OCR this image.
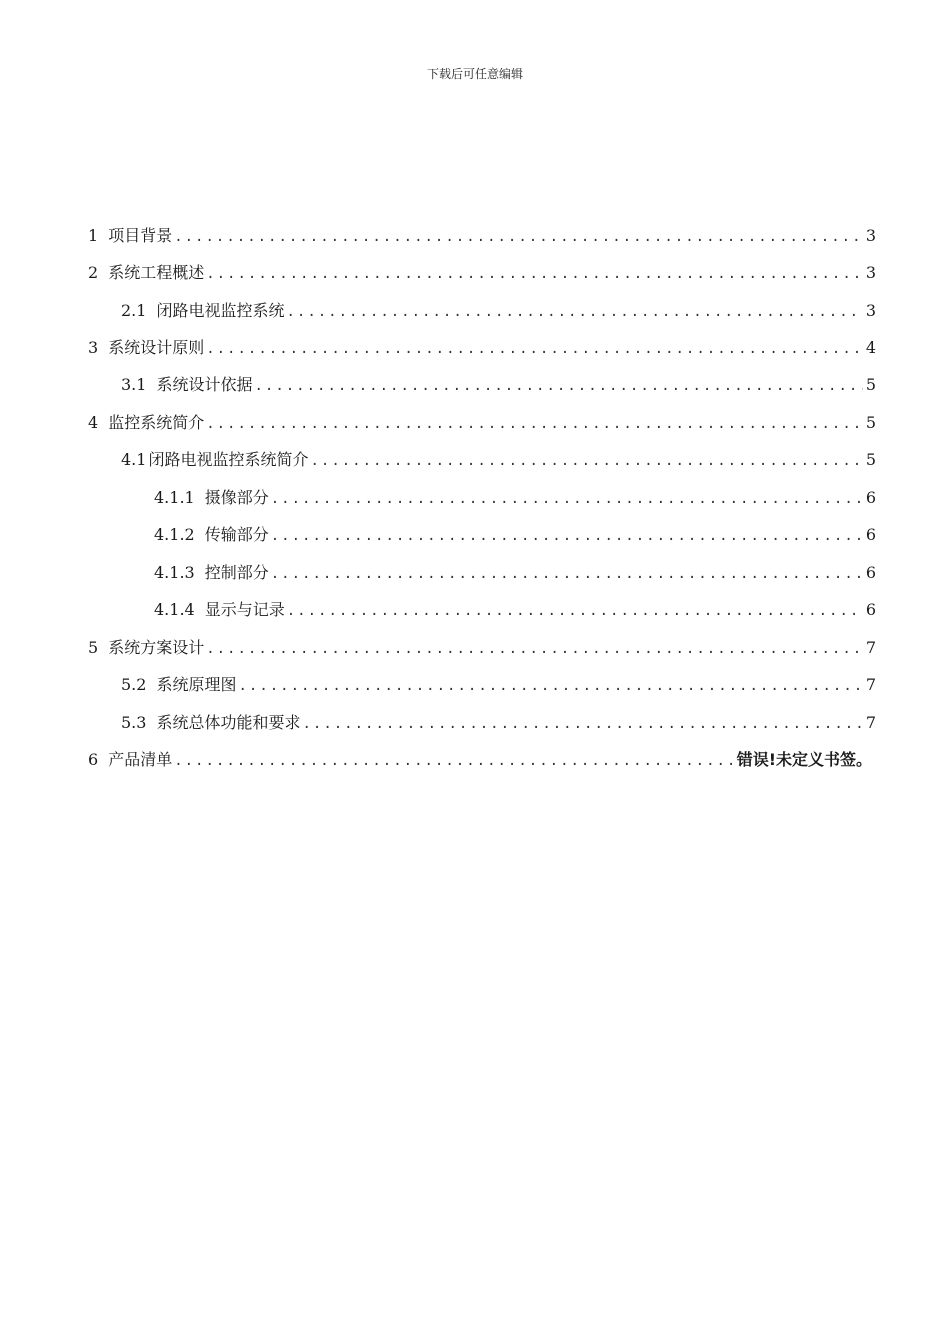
下载后可任意编辑
1 项目背景 .....	3
2 系统工程概述 .....	3
2.1 闭路电视监控系统 .....	3
3 系统设计原则 .....	4
3.1 系统设计依据 .....	5
4 监控系统简介 .....	5
4.1 闭路电视监控系统简介 .....	5
4.1.1 摄像部分 .....	6
4.1.2 传输部分 .....	6
4.1.3 控制部分 .....	6
4.1.4 显示与记录 .....	6
5 系统方案设计 .....	7
5.2 系统原理图 .....	7
5.3 系统总体功能和要求 .....	7
6 产品清单 .....	错误!未定义书签。
